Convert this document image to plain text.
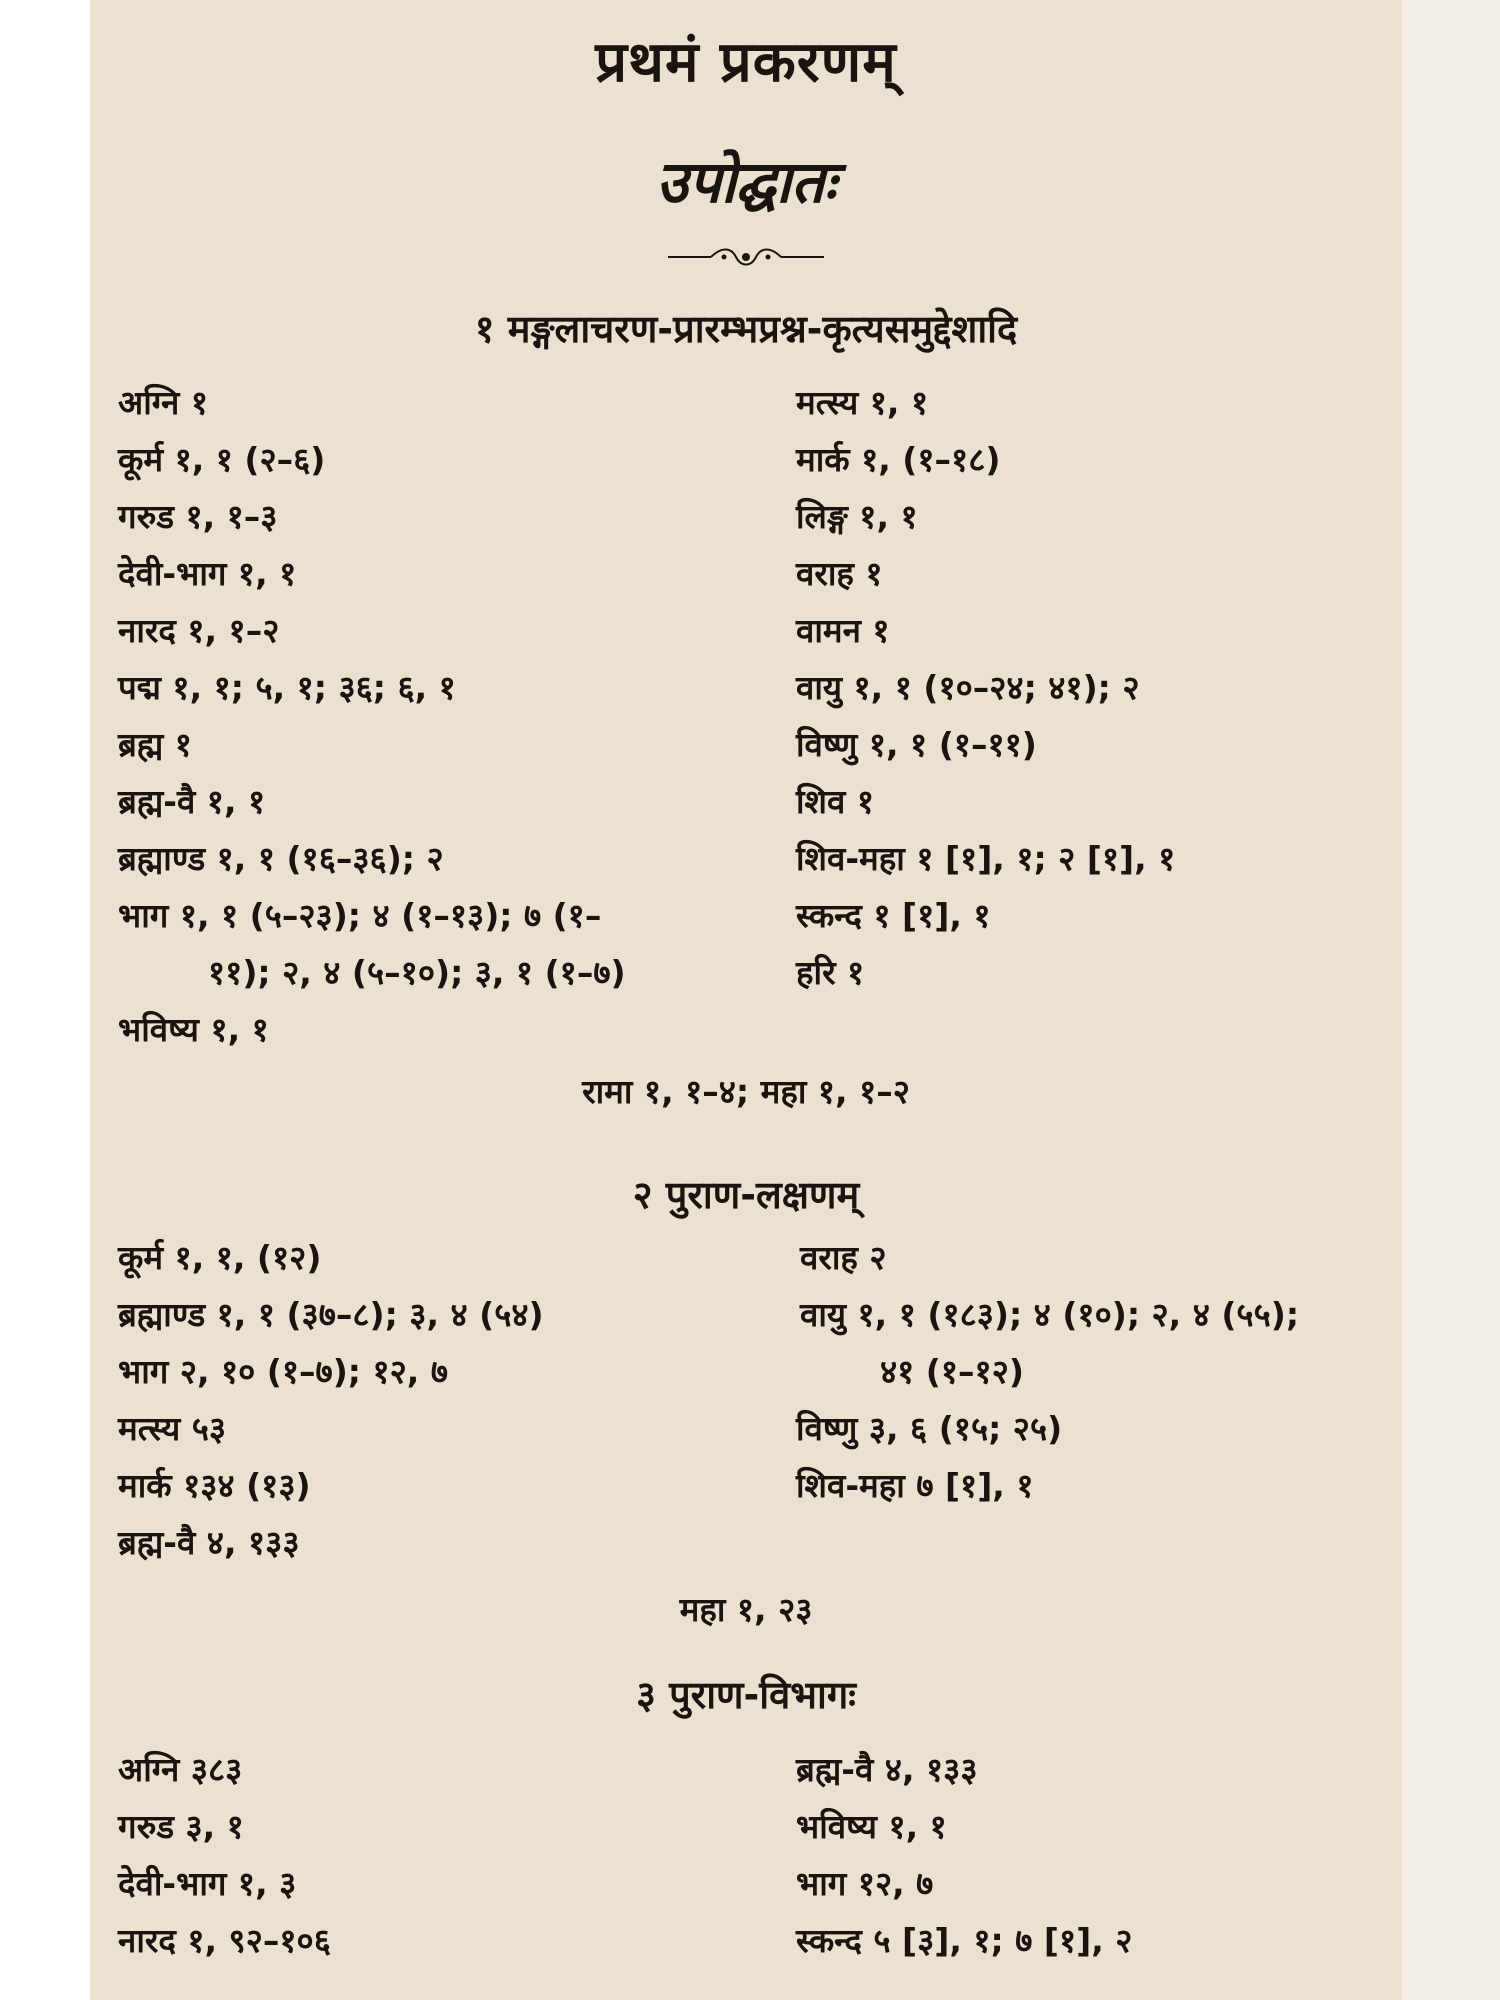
प्रथमं प्रकरणम्
उपोद्घातः
१ मङ्गलाचरण-प्रारम्भप्रश्न-कृत्यसमुद्देशादि
अग्नि १
कूर्म १, १ (२–६)
गरुड १, १–३
देवी-भाग १, १
नारद १, १–२
पद्म १, १; ५, १; ३६; ६, १
ब्रह्म १
ब्रह्म-वै १, १
ब्रह्माण्ड १, १ (१६–३६); २
भाग १, १ (५–२३); ४ (१–१३); ७ (१–
११); २, ४ (५–१०); ३, १ (१–७)
भविष्य १, १
मत्स्य १, १
मार्क १, (१–१८)
लिङ्ग १, १
वराह १
वामन १
वायु १, १ (१०–२४; ४१); २
विष्णु १, १ (१–११)
शिव १
शिव-महा १ [१], १; २ [१], १
स्कन्द १ [१], १
हरि १
रामा १, १–४; महा १, १–२
२ पुराण-लक्षणम्
कूर्म १, १, (१२)
ब्रह्माण्ड १, १ (३७–८); ३, ४ (५४)
भाग २, १० (१–७); १२, ७
मत्स्य ५३
मार्क १३४ (१३)
ब्रह्म-वै ४, १३३
वराह २
वायु १, १ (१८३); ४ (१०); २, ४ (५५);
४१ (१–१२)
विष्णु ३, ६ (१५; २५)
शिव-महा ७ [१], १
महा १, २३
३ पुराण-विभागः
अग्नि ३८३
गरुड ३, १
देवी-भाग १, ३
नारद १, ९२–१०६
ब्रह्म-वै ४, १३३
भविष्य १, १
भाग १२, ७
स्कन्द ५ [३], १; ७ [१], २
